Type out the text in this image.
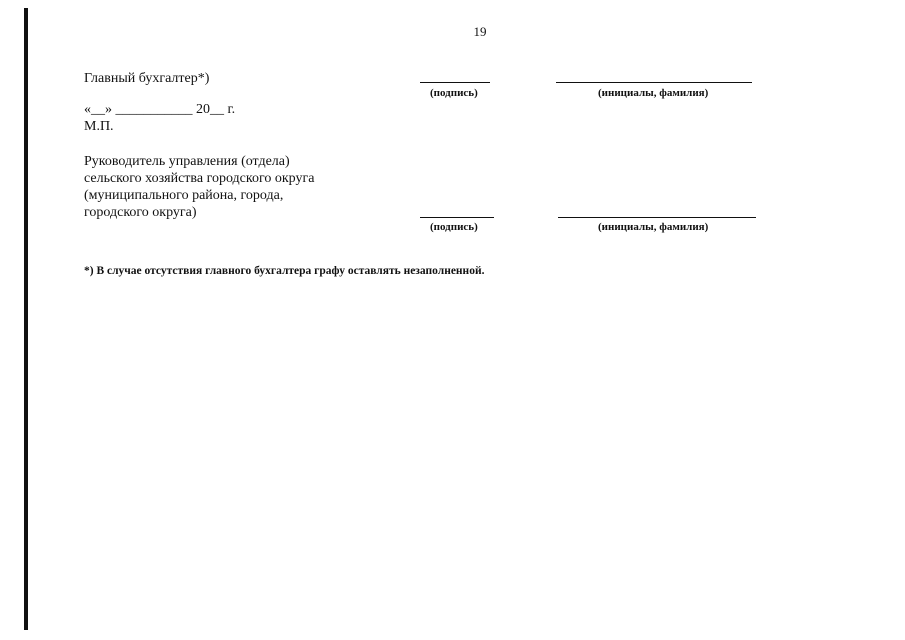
19
Главный бухгалтер*)
(подпись)	(инициалы, фамилия)
«__» ___________ 20__ г.
М.П.
Руководитель управления (отдела)
сельского хозяйства городского округа
(муниципального района, города,
городского округа)
(подпись)	(инициалы, фамилия)
*) В случае отсутствия главного бухгалтера графу оставлять незаполненной.
